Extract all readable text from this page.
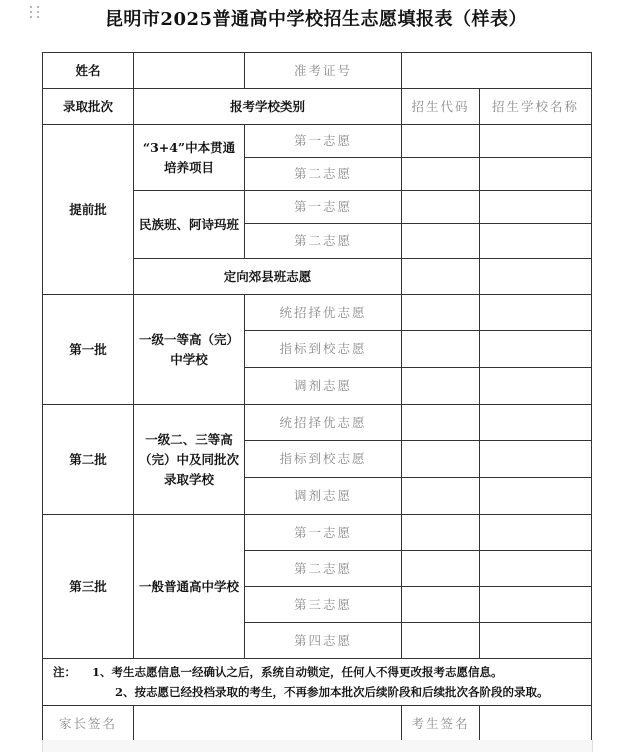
昆明市2025普通高中学校招生志愿填报表（样表）
姓名		准考证号		
录取批次	报考学校类别		招生代码	招生学校名称
提前批	“3+4”中本贯通培养项目	第一志愿		
		第二志愿		
	民族班、阿诗玛班	第一志愿		
		第二志愿		
	定向郊县班志愿			
第一批	一级一等高（完）中学校	统招择优志愿		
		指标到校志愿		
		调剂志愿		
第二批	一级二、三等高（完）中及同批次录取学校	统招择优志愿		
		指标到校志愿		
		调剂志愿		
第三批	一般普通高中学校	第一志愿		
		第二志愿		
		第三志愿		
		第四志愿		

注： 1、考生志愿信息一经确认之后，系统自动锁定，任何人不得更改报考志愿信息。
2、按志愿已经投档录取的考生，不再参加本批次后续阶段和后续批次各阶段的录取。				

家长签名			考生签名	
